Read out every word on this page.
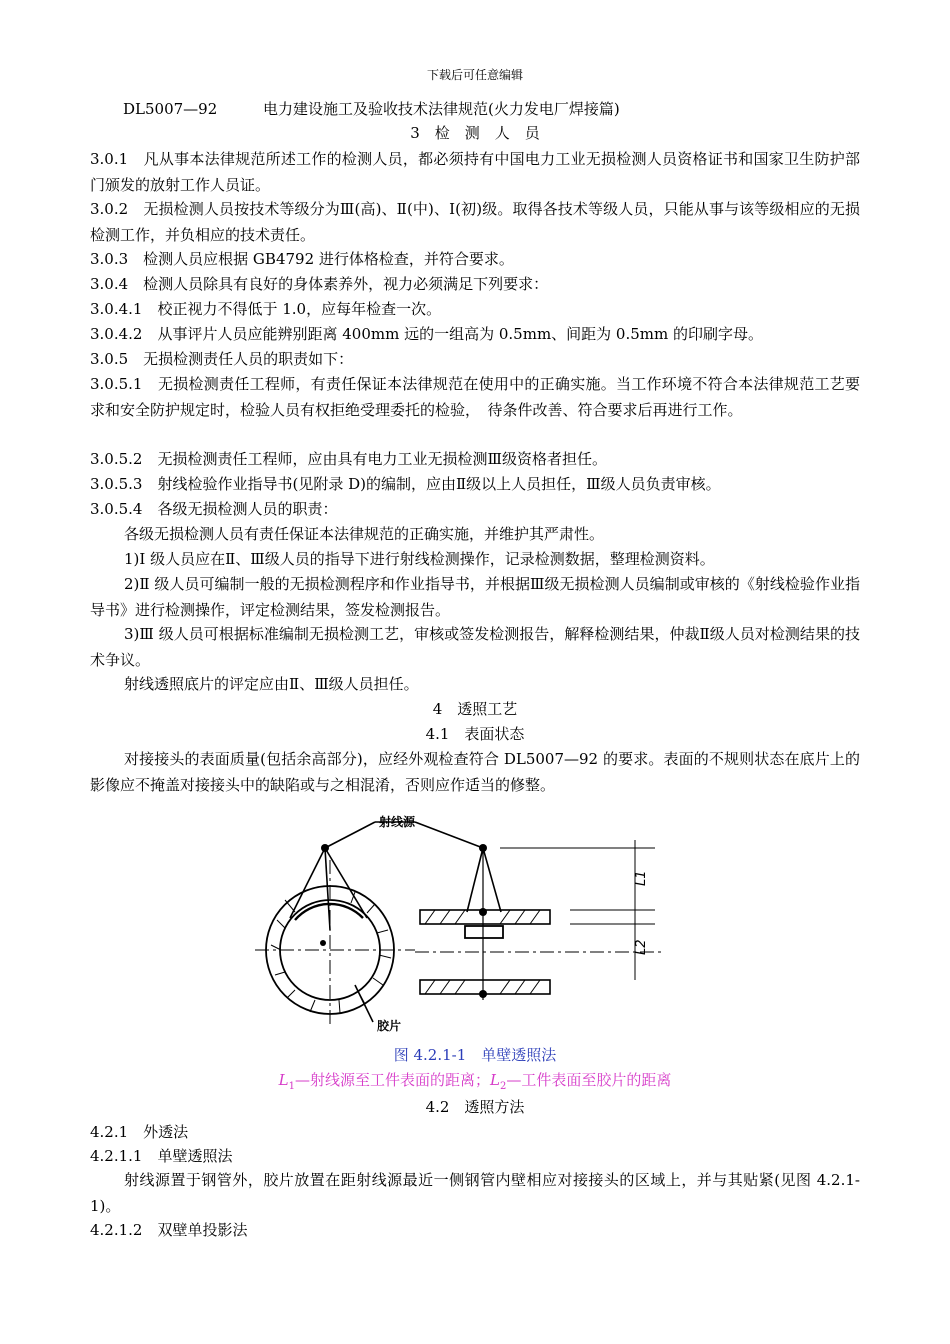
下载后可任意编辑
DL5007—92	电力建设施工及验收技术法律规范(火力发电厂焊接篇)
3　检　测　人　员
3.0.1　凡从事本法律规范所述工作的检测人员，都必须持有中国电力工业无损检测人员资格证书和国家卫生防护部门颁发的放射工作人员证。
3.0.2　无损检测人员按技术等级分为Ⅲ(高)、Ⅱ(中)、Ⅰ(初)级。取得各技术等级人员，只能从事与该等级相应的无损检测工作，并负相应的技术责任。
3.0.3　检测人员应根据 GB4792 进行体格检查，并符合要求。
3.0.4　检测人员除具有良好的身体素养外，视力必须满足下列要求：
3.0.4.1　校正视力不得低于 1.0，应每年检查一次。
3.0.4.2　从事评片人员应能辨别距离 400mm 远的一组高为 0.5mm、间距为 0.5mm 的印刷字母。
3.0.5　无损检测责任人员的职责如下：
3.0.5.1　无损检测责任工程师，有责任保证本法律规范在使用中的正确实施。当工作环境不符合本法律规范工艺要求和安全防护规定时，检验人员有权拒绝受理委托的检验，　待条件改善、符合要求后再进行工作。
3.0.5.2　无损检测责任工程师，应由具有电力工业无损检测Ⅲ级资格者担任。
3.0.5.3　射线检验作业指导书(见附录 D)的编制，应由Ⅱ级以上人员担任，Ⅲ级人员负责审核。
3.0.5.4　各级无损检测人员的职责：
各级无损检测人员有责任保证本法律规范的正确实施，并维护其严肃性。
1)Ⅰ 级人员应在Ⅱ、Ⅲ级人员的指导下进行射线检测操作，记录检测数据，整理检测资料。
2)Ⅱ 级人员可编制一般的无损检测程序和作业指导书，并根据Ⅲ级无损检测人员编制或审核的《射线检验作业指导书》进行检测操作，评定检测结果，签发检测报告。
3)Ⅲ 级人员可根据标准编制无损检测工艺，审核或签发检测报告，解释检测结果，仲裁Ⅱ级人员对检测结果的技术争议。
射线透照底片的评定应由Ⅱ、Ⅲ级人员担任。
4　透照工艺
4.1　表面状态
对接接头的表面质量(包括余高部分)，应经外观检查符合 DL5007—92 的要求。表面的不规则状态在底片上的影像应不掩盖对接接头中的缺陷或与之相混淆，否则应作适当的修整。
射线源
胶片
L1
L2
图 4.2.1-1　单壁透照法
$L_1—$射线源至工件表面的距离；$L_2—$工件表面至胶片的距离
4.2　透照方法
4.2.1　外透法
4.2.1.1　单壁透照法
射线源置于钢管外，胶片放置在距射线源最近一侧钢管内壁相应对接接头的区域上，并与其贴紧(见图 4.2.1-1)。
4.2.1.2　双壁单投影法
